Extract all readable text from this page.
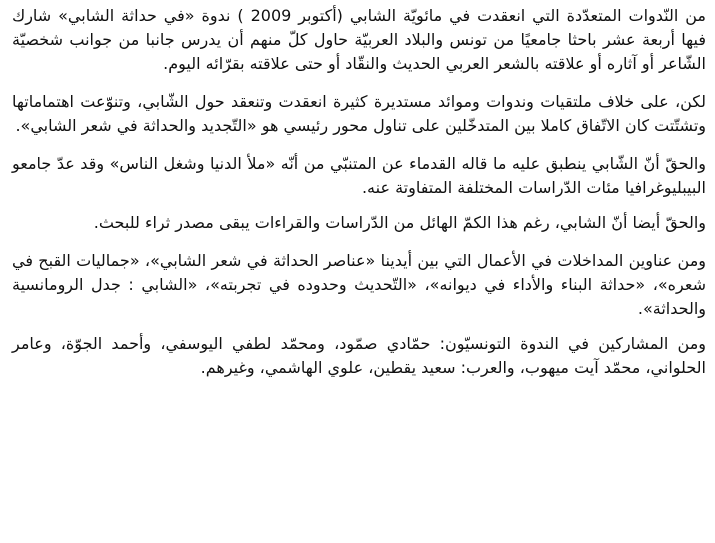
من النّدوات المتعدّدة التي انعقدت في مائويّة الشابي (أكتوبر 2009 ) ندوة «في حداثة الشابي» شارك فيها أربعة عشر باحثا جامعيًا من تونس والبلاد العربيّة حاول كلّ منهم أن يدرس جانبا من جوانب شخصيّة الشّاعر أو آثاره أو علاقته بالشعر العربي الحديث والنقّاد أو حتى علاقته بقرّائه اليوم.

لكن، على خلاف ملتقيات وندوات وموائد مستديرة كثيرة انعقدت وتنعقد حول الشّابي، وتنوّعت اهتماماتها وتشتّتت كان الاتّفاق كاملا بين المتدخّلين على تناول محور رئيسي هو «التّجديد والحداثة في شعر الشابي».

والحقّ أنّ الشّابي ينطبق عليه ما قاله القدماء عن المتنبّي من أنّه «ملأ الدنيا وشغل الناس» وقد عدّ جامعو البيبليوغرافيا مئات الدّراسات المختلفة المتفاوتة عنه.

والحقّ أيضا أنّ الشابي، رغم هذا الكمّ الهائل من الدّراسات والقراءات يبقى مصدر ثراء للبحث.

ومن عناوين المداخلات في الأعمال التي بين أيدينا «عناصر الحداثة في شعر الشابي»، «جماليات القبح في شعره»، «حداثة البناء والأداء في ديوانه»، «التّحديث وحدوده في تجربته»، «الشابي : جدل الرومانسية والحداثة».

ومن المشاركين في الندوة التونسيّون: حمّادي صمّود، ومحمّد لطفي اليوسفي، وأحمد الجوّة، وعامر الحلواني، محمّد آيت ميهوب، والعرب: سعيد يقطين، علوي الهاشمي، وغيرهم.
